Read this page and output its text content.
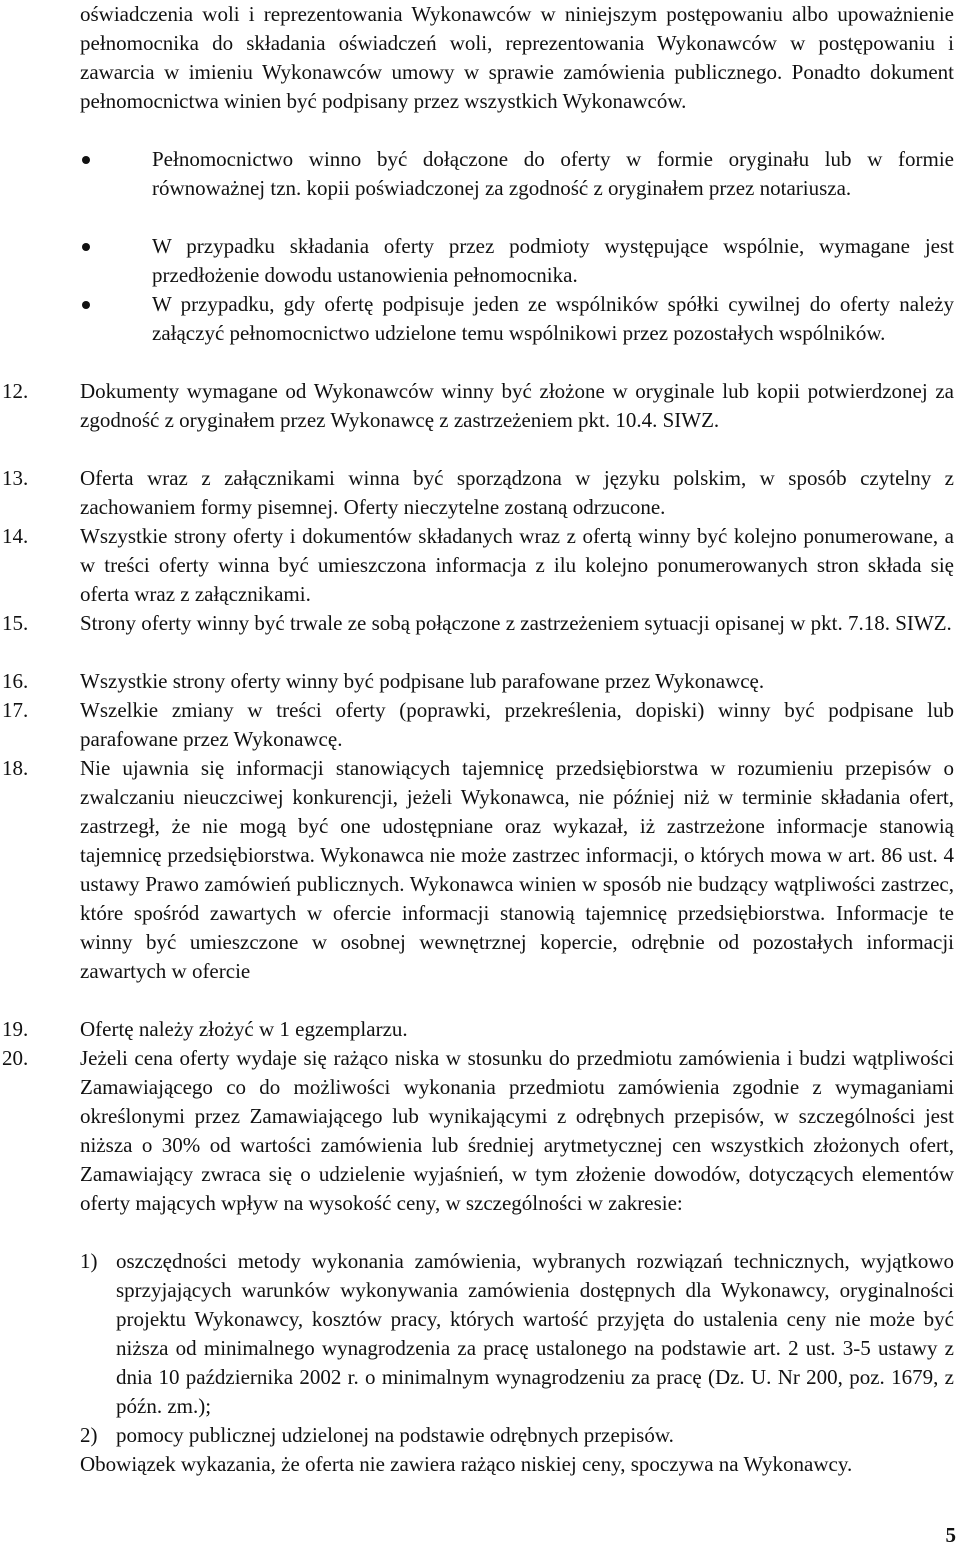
oświadczenia woli i reprezentowania Wykonawców w niniejszym postępowaniu albo upoważnienie pełnomocnika do składania oświadczeń woli, reprezentowania Wykonawców w postępowaniu i zawarcia w imieniu Wykonawców umowy w sprawie zamówienia publicznego. Ponadto dokument pełnomocnictwa winien być podpisany przez wszystkich Wykonawców.

Pełnomocnictwo winno być dołączone do oferty w formie oryginału lub w formie równoważnej tzn. kopii poświadczonej za zgodność z oryginałem przez notariusza.

W przypadku składania oferty przez podmioty występujące wspólnie, wymagane jest przedłożenie dowodu ustanowienia pełnomocnika.

W przypadku, gdy ofertę podpisuje jeden ze wspólników spółki cywilnej do oferty należy załączyć pełnomocnictwo udzielone temu wspólnikowi przez pozostałych wspólników.

12. Dokumenty wymagane od Wykonawców winny być złożone w oryginale lub kopii potwierdzonej za zgodność z oryginałem przez Wykonawcę z zastrzeżeniem pkt. 10.4. SIWZ.

13. Oferta wraz z załącznikami winna być sporządzona w języku polskim, w sposób czytelny z zachowaniem formy pisemnej. Oferty nieczytelne zostaną odrzucone.

14. Wszystkie strony oferty i dokumentów składanych wraz z ofertą winny być kolejno ponumerowane, a w treści oferty winna być umieszczona informacja z ilu kolejno ponumerowanych stron składa się oferta wraz z załącznikami.

15. Strony oferty winny być trwale ze sobą połączone z zastrzeżeniem sytuacji opisanej w pkt. 7.18. SIWZ.

16. Wszystkie strony oferty winny być podpisane lub parafowane przez Wykonawcę.

17. Wszelkie zmiany w treści oferty (poprawki, przekreślenia, dopiski) winny być podpisane lub parafowane przez Wykonawcę.

18. Nie ujawnia się informacji stanowiących tajemnicę przedsiębiorstwa w rozumieniu przepisów o zwalczaniu nieuczciwej konkurencji, jeżeli Wykonawca, nie później niż w terminie składania ofert, zastrzegł, że nie mogą być one udostępniane oraz wykazał, iż zastrzeżone informacje stanowią tajemnicę przedsiębiorstwa. Wykonawca nie może zastrzec informacji, o których mowa w art. 86 ust. 4 ustawy Prawo zamówień publicznych. Wykonawca winien w sposób nie budzący wątpliwości zastrzec, które spośród zawartych w ofercie informacji stanowią tajemnicę przedsiębiorstwa. Informacje te winny być umieszczone w osobnej wewnętrznej kopercie, odrębnie od pozostałych informacji zawartych w ofercie

19. Ofertę należy złożyć w 1 egzemplarzu.

20. Jeżeli cena oferty wydaje się rażąco niska w stosunku do przedmiotu zamówienia i budzi wątpliwości Zamawiającego co do możliwości wykonania przedmiotu zamówienia zgodnie z wymaganiami określonymi przez Zamawiającego lub wynikającymi z odrębnych przepisów, w szczególności jest niższa o 30% od wartości zamówienia lub średniej arytmetycznej cen wszystkich złożonych ofert, Zamawiający zwraca się o udzielenie wyjaśnień, w tym złożenie dowodów, dotyczących elementów oferty mających wpływ na wysokość ceny, w szczególności w zakresie:

1) oszczędności metody wykonania zamówienia, wybranych rozwiązań technicznych, wyjątkowo sprzyjających warunków wykonywania zamówienia dostępnych dla Wykonawcy, oryginalności projektu Wykonawcy, kosztów pracy, których wartość przyjęta do ustalenia ceny nie może być niższa od minimalnego wynagrodzenia za pracę ustalonego na podstawie art. 2 ust. 3-5 ustawy z dnia 10 października 2002 r. o minimalnym wynagrodzeniu za pracę (Dz. U. Nr 200, poz. 1679, z późn. zm.);

2) pomocy publicznej udzielonej na podstawie odrębnych przepisów.

Obowiązek wykazania, że oferta nie zawiera rażąco niskiej ceny, spoczywa na Wykonawcy.

5
